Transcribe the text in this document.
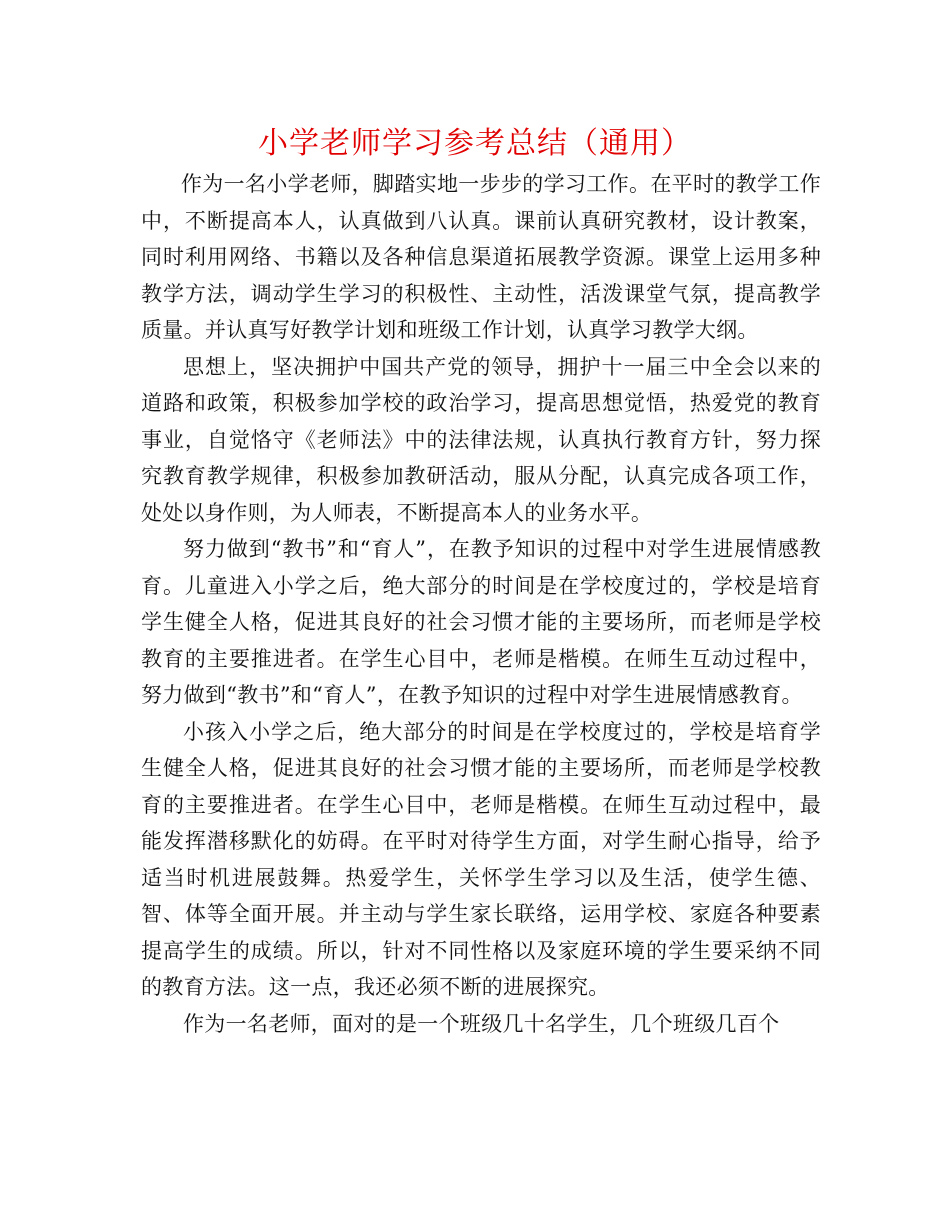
小学老师学习参考总结（通用）

作为一名小学老师，脚踏实地一步步的学习工作。在平时的教学工作中，不断提高本人，认真做到八认真。课前认真研究教材，设计教案，同时利用网络、书籍以及各种信息渠道拓展教学资源。课堂上运用多种教学方法，调动学生学习的积极性、主动性，活泼课堂气氛，提高教学质量。并认真写好教学计划和班级工作计划，认真学习教学大纲。

思想上，坚决拥护中国共产党的领导，拥护十一届三中全会以来的道路和政策，积极参加学校的政治学习，提高思想觉悟，热爱党的教育事业，自觉恪守《老师法》中的法律法规，认真执行教育方针，努力探究教育教学规律，积极参加教研活动，服从分配，认真完成各项工作，处处以身作则，为人师表，不断提高本人的业务水平。

努力做到“教书”和“育人”，在教予知识的过程中对学生进展情感教育。儿童进入小学之后，绝大部分的时间是在学校度过的，学校是培育学生健全人格，促进其良好的社会习惯才能的主要场所，而老师是学校教育的主要推进者。在学生心目中，老师是楷模。在师生互动过程中，努力做到“教书”和“育人”，在教予知识的过程中对学生进展情感教育。

小孩入小学之后，绝大部分的时间是在学校度过的，学校是培育学生健全人格，促进其良好的社会习惯才能的主要场所，而老师是学校教育的主要推进者。在学生心目中，老师是楷模。在师生互动过程中，最能发挥潜移默化的妨碍。在平时对待学生方面，对学生耐心指导，给予适当时机进展鼓舞。热爱学生，关怀学生学习以及生活，使学生德、智、体等全面开展。并主动与学生家长联络，运用学校、家庭各种要素提高学生的成绩。所以，针对不同性格以及家庭环境的学生要采纳不同的教育方法。这一点，我还必须不断的进展探究。

作为一名老师，面对的是一个班级几十名学生，几个班级几百个
